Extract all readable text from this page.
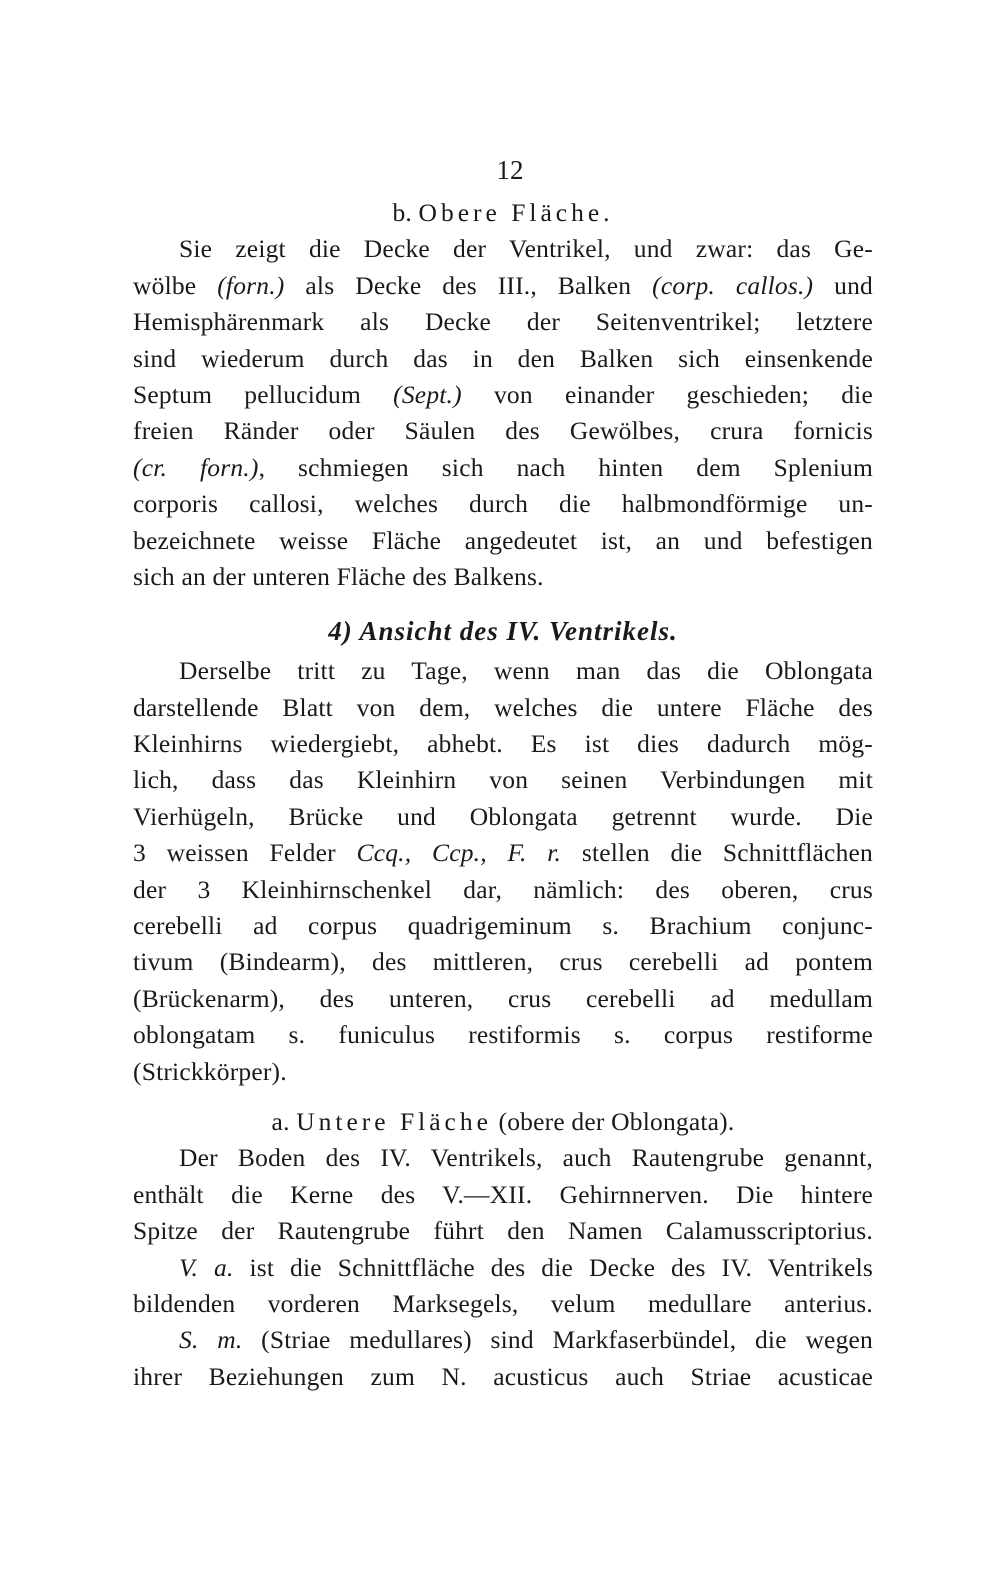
12
b. Obere Fläche.
Sie zeigt die Decke der Ventrikel, und zwar: das Ge-
wölbe (forn.) als Decke des III., Balken (corp. callos.) und
Hemisphärenmark als Decke der Seitenventrikel; letztere
sind wiederum durch das in den Balken sich einsenkende
Septum pellucidum (Sept.) von einander geschieden; die
freien Ränder oder Säulen des Gewölbes, crura fornicis
(cr. forn.), schmiegen sich nach hinten dem Splenium
corporis callosi, welches durch die halbmondförmige un-
bezeichnete weisse Fläche angedeutet ist, an und befestigen
sich an der unteren Fläche des Balkens.
4) Ansicht des IV. Ventrikels.
Derselbe tritt zu Tage, wenn man das die Oblongata
darstellende Blatt von dem, welches die untere Fläche des
Kleinhirns wiedergiebt, abhebt. Es ist dies dadurch mög-
lich, dass das Kleinhirn von seinen Verbindungen mit
Vierhügeln, Brücke und Oblongata getrennt wurde. Die
3 weissen Felder Ccq., Ccp., F. r. stellen die Schnittflächen
der 3 Kleinhirnschenkel dar, nämlich: des oberen, crus
cerebelli ad corpus quadrigeminum s. Brachium conjunc-
tivum (Bindearm), des mittleren, crus cerebelli ad pontem
(Brückenarm), des unteren, crus cerebelli ad medullam
oblongatam s. funiculus restiformis s. corpus restiforme
(Strickkörper).
a. Untere Fläche (obere der Oblongata).
Der Boden des IV. Ventrikels, auch Rautengrube genannt,
enthält die Kerne des V.—XII. Gehirnnerven. Die hintere
Spitze der Rautengrube führt den Namen Calamusscriptorius.
V. a. ist die Schnittfläche des die Decke des IV. Ventrikels
bildenden vorderen Marksegels, velum medullare anterius.
S. m. (Striae medullares) sind Markfaserbündel, die wegen
ihrer Beziehungen zum N. acusticus auch Striae acusticae
